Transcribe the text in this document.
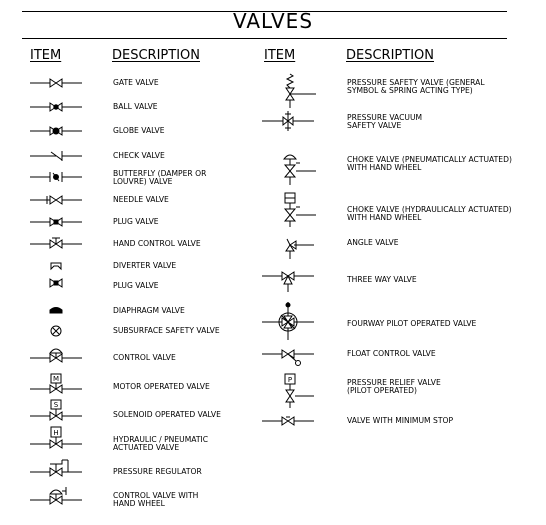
VALVES
ITEM	DESCRIPTION	ITEM	DESCRIPTION
GATE VALVE
BALL VALVE
GLOBE VALVE
CHECK VALVE
BUTTERFLY (DAMPER OR
LOUVRE) VALVE
NEEDLE VALVE
PLUG VALVE
HAND CONTROL VALVE
DIVERTER VALVE
PLUG VALVE
DIAPHRAGM VALVE
SUBSURFACE SAFETY VALVE
CONTROL VALVE
MOTOR OPERATED VALVE
SOLENOID OPERATED VALVE
HYDRAULIC / PNEUMATIC
ACTUATED VALVE
PRESSURE REGULATOR
CONTROL VALVE WITH
HAND WHEEL
PRESSURE SAFETY VALVE (GENERAL
SYMBOL & SPRING ACTING TYPE)
PRESSURE VACUUM
SAFETY VALVE
CHOKE VALVE (PNEUMATICALLY ACTUATED)
WITH HAND WHEEL
CHOKE VALVE (HYDRAULICALLY ACTUATED)
WITH HAND WHEEL
ANGLE VALVE
THREE WAY VALVE
FOURWAY PILOT OPERATED VALVE
FLOAT CONTROL VALVE
PRESSURE RELIEF VALVE
(PILOT OPERATED)
VALVE WITH MINIMUM STOP
M
S
H
P
